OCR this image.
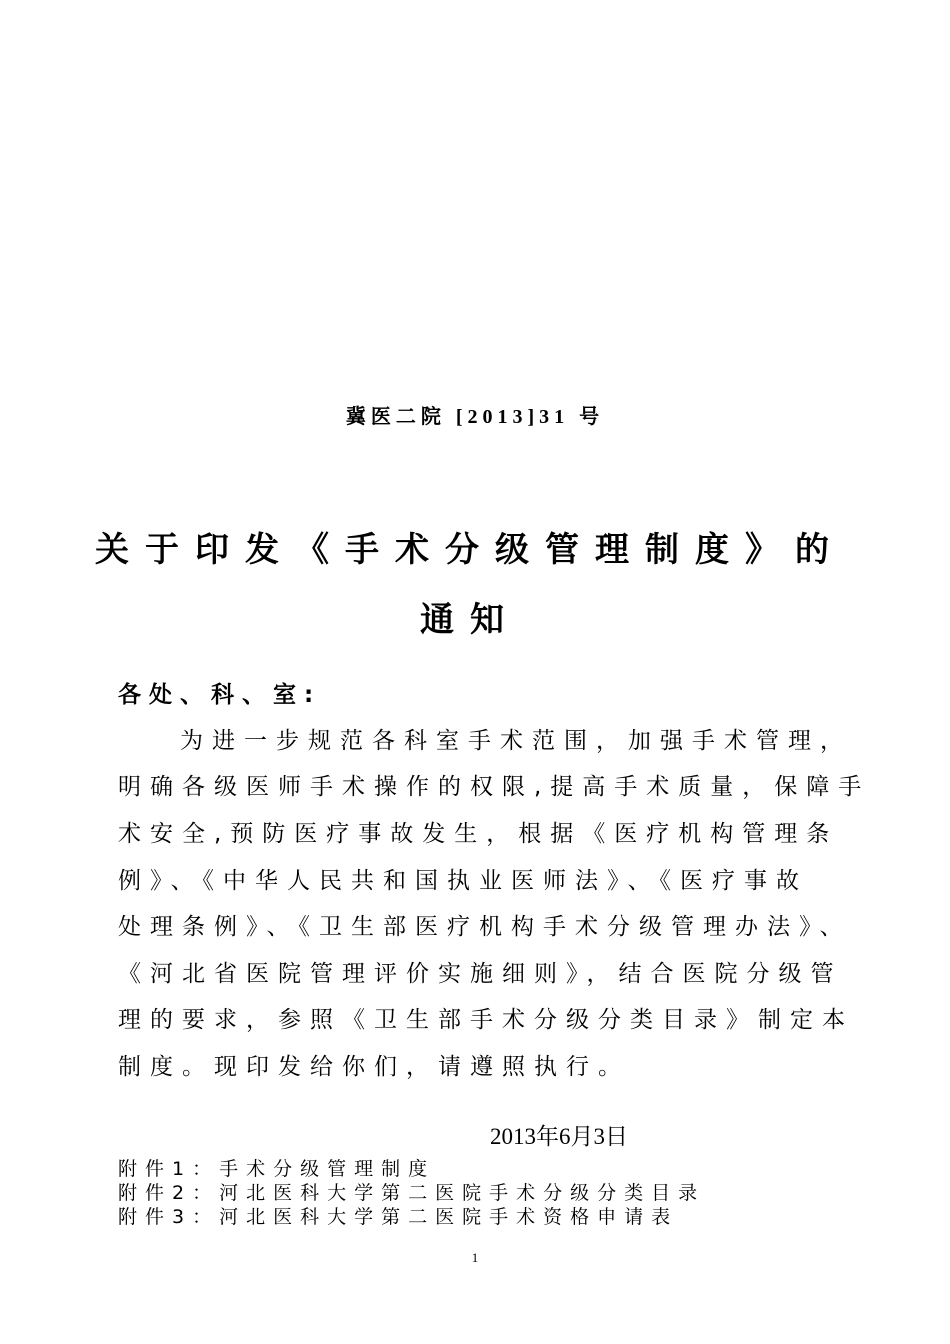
冀医二院 [2013]31 号
关于印发《手术分级管理制度》的
通知
各处、科、室:
为进一步规范各科室手术范围，加强手术管理，
明确各级医师手术操作的权限,提高手术质量，保障手
术安全,预防医疗事故发生，根据《医疗机构管理条
例》、《中华人民共和国执业医师法》、《医疗事故
处理条例》、《卫生部医疗机构手术分级管理办法》、
《河北省医院管理评价实施细则》，结合医院分级管
理的要求，参照《卫生部手术分级分类目录》制定本
制度。现印发给你们，请遵照执行。
2013年6月3日
附件1：手术分级管理制度
附件2：河北医科大学第二医院手术分级分类目录
附件3：河北医科大学第二医院手术资格申请表
1
